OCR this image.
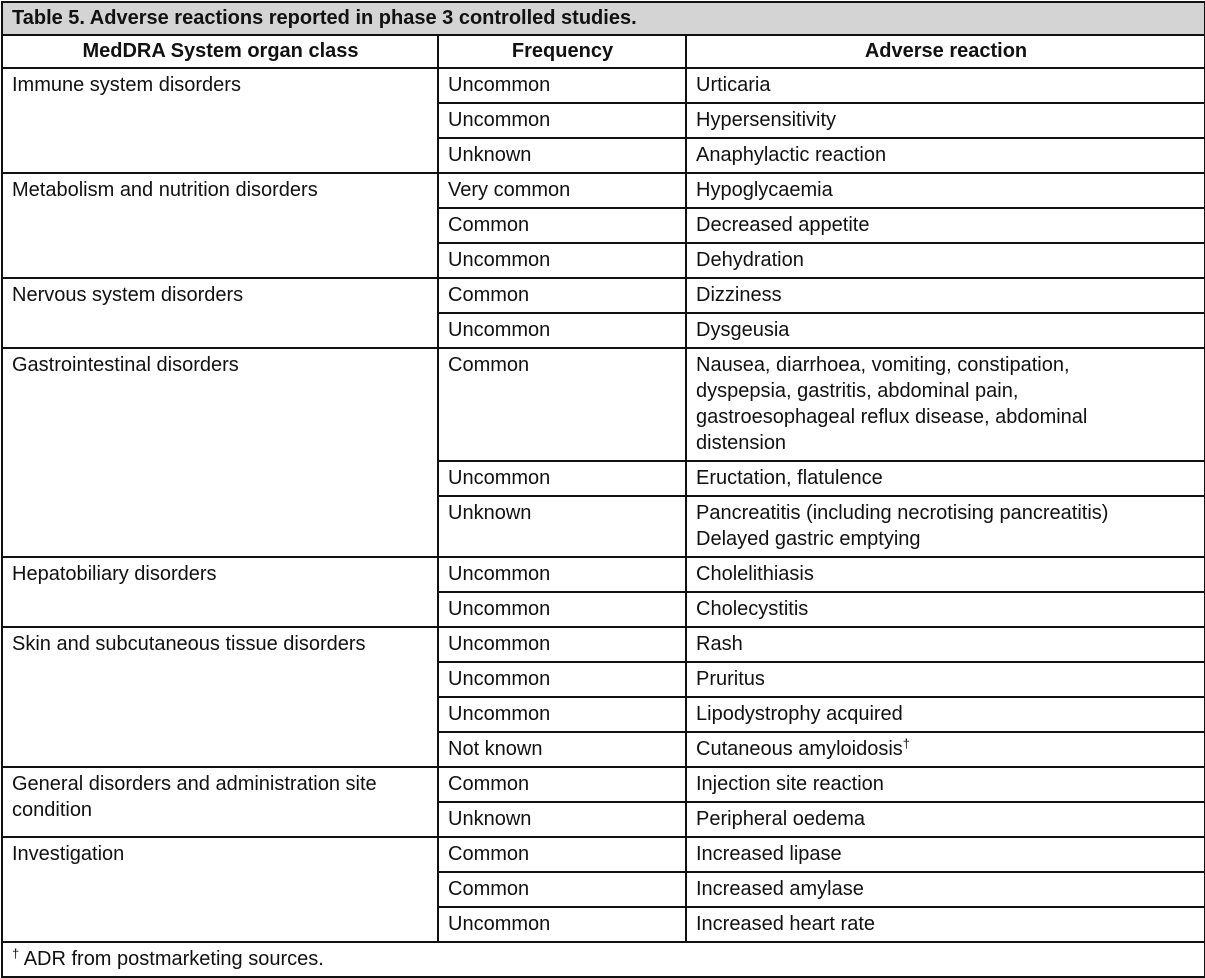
Table 5. Adverse reactions reported in phase 3 controlled studies.		
MedDRA System organ class	Frequency	Adverse reaction
Immune system disorders	Uncommon	Urticaria
	Uncommon	Hypersensitivity
	Unknown	Anaphylactic reaction
Metabolism and nutrition disorders	Very common	Hypoglycaemia
	Common	Decreased appetite
	Uncommon	Dehydration
Nervous system disorders	Common	Dizziness
	Uncommon	Dysgeusia
Gastrointestinal disorders	Common	Nausea, diarrhoea, vomiting, constipation,
dyspepsia, gastritis, abdominal pain,
gastroesophageal reflux disease, abdominal
distension

	Uncommon	Eructation, flatulence
	Unknown	Pancreatitis (including necrotising pancreatitis)
Delayed gastric emptying

Hepatobiliary disorders	Uncommon	Cholelithiasis
	Uncommon	Cholecystitis
Skin and subcutaneous tissue disorders	Uncommon	Rash
	Uncommon	Pruritus
	Uncommon	Lipodystrophy acquired
	Not known	Cutaneous amyloidosis†

General disorders and administration site
condition	Common	Injection site reaction
	Unknown	Peripheral oedema
Investigation	Common	Increased lipase
	Common	Increased amylase
	Uncommon	Increased heart rate
† ADR from postmarketing sources.		
